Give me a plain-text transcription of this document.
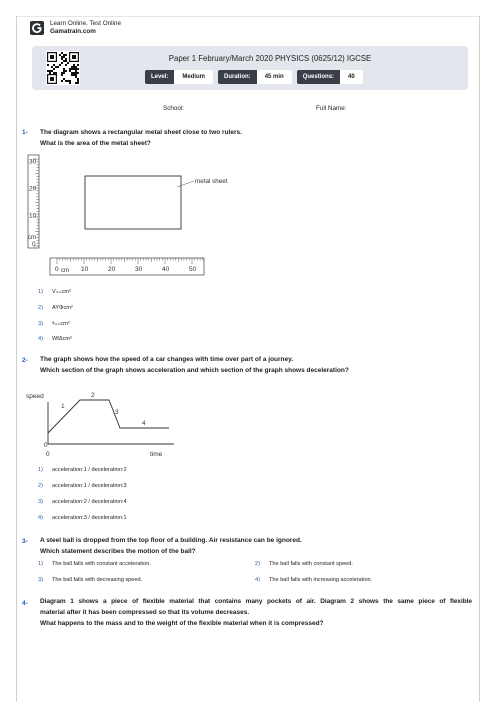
Learn Online, Test Online
Gamatrain.com
Paper 1 February/March 2020 PHYSICS (0625/12) IGCSE
Level:	Medium	Duration:	45 min	Questions:	40
School:	Full Name:
1- The diagram shows a rectangular metal sheet close to two rulers.
What is the area of the metal sheet?
30
20
10
cm
0
metal sheet
0 cm 10	20	30	40	50
1)	V₌₌cm²
2)	AYΦcm²
3)	ᵠ₌₌cm²
4)	WfΔcm²
2- The graph shows how the speed of a car changes with time over part of a journey.
Which section of the graph shows acceleration and which section of the graph shows deceleration?
speed
1
2
3
4
0
0	time
1)	acceleration:1 / deceleration:2
2)	acceleration:1 / deceleration:3
3)	acceleration:2 / deceleration:4
4)	acceleration:3 / deceleration:1
3- A steel ball is dropped from the top floor of a building. Air resistance can be ignored.
Which statement describes the motion of the ball?
1)	The ball falls with constant acceleration.	2)	The ball falls with constant speed.
3)	The ball falls with decreasing speed.	4)	The ball falls with increasing acceleration.
4- Diagram 1 shows a piece of flexible material that contains many pockets of air. Diagram 2 shows the same piece of flexible
material after it has been compressed so that its volume decreases.
What happens to the mass and to the weight of the flexible material when it is compressed?
